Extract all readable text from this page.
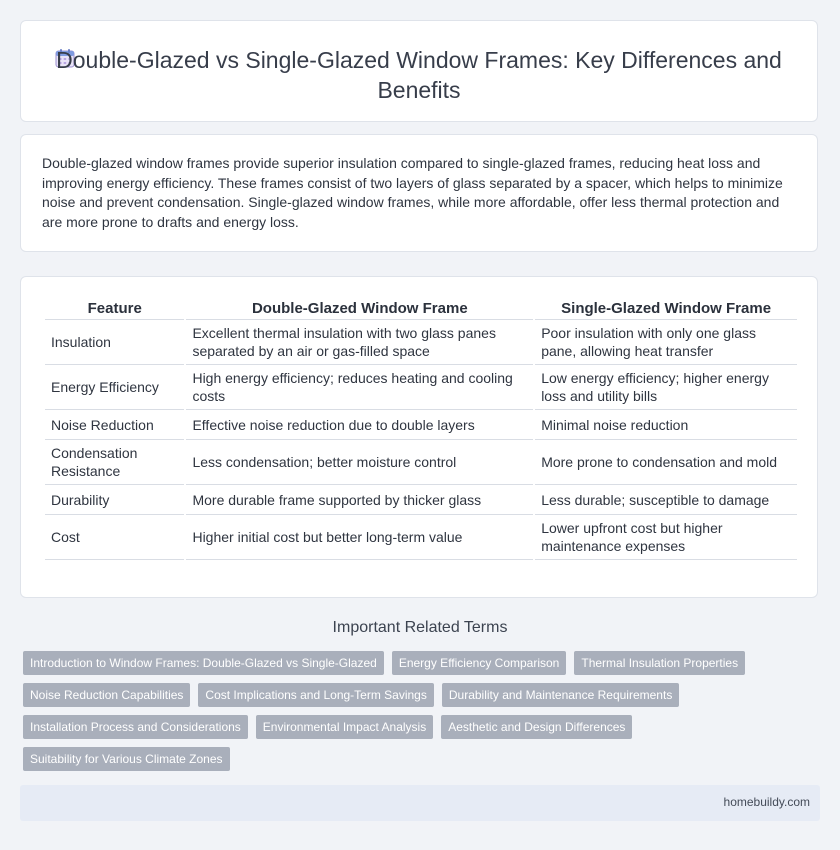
Double-Glazed vs Single-Glazed Window Frames: Key Differences and Benefits
Double-glazed window frames provide superior insulation compared to single-glazed frames, reducing heat loss and improving energy efficiency. These frames consist of two layers of glass separated by a spacer, which helps to minimize noise and prevent condensation. Single-glazed window frames, while more affordable, offer less thermal protection and are more prone to drafts and energy loss.
Feature	Double-Glazed Window Frame	Single-Glazed Window Frame
Insulation	Excellent thermal insulation with two glass panes separated by an air or gas-filled space	Poor insulation with only one glass pane, allowing heat transfer
Energy Efficiency	High energy efficiency; reduces heating and cooling costs	Low energy efficiency; higher energy loss and utility bills
Noise Reduction	Effective noise reduction due to double layers	Minimal noise reduction
Condensation Resistance	Less condensation; better moisture control	More prone to condensation and mold
Durability	More durable frame supported by thicker glass	Less durable; susceptible to damage
Cost	Higher initial cost but better long-term value	Lower upfront cost but higher maintenance expenses
Important Related Terms
Introduction to Window Frames: Double-Glazed vs Single-Glazed	Energy Efficiency Comparison	Thermal Insulation Properties
Noise Reduction Capabilities	Cost Implications and Long-Term Savings	Durability and Maintenance Requirements
Installation Process and Considerations	Environmental Impact Analysis	Aesthetic and Design Differences
Suitability for Various Climate Zones
homebuildy.com
